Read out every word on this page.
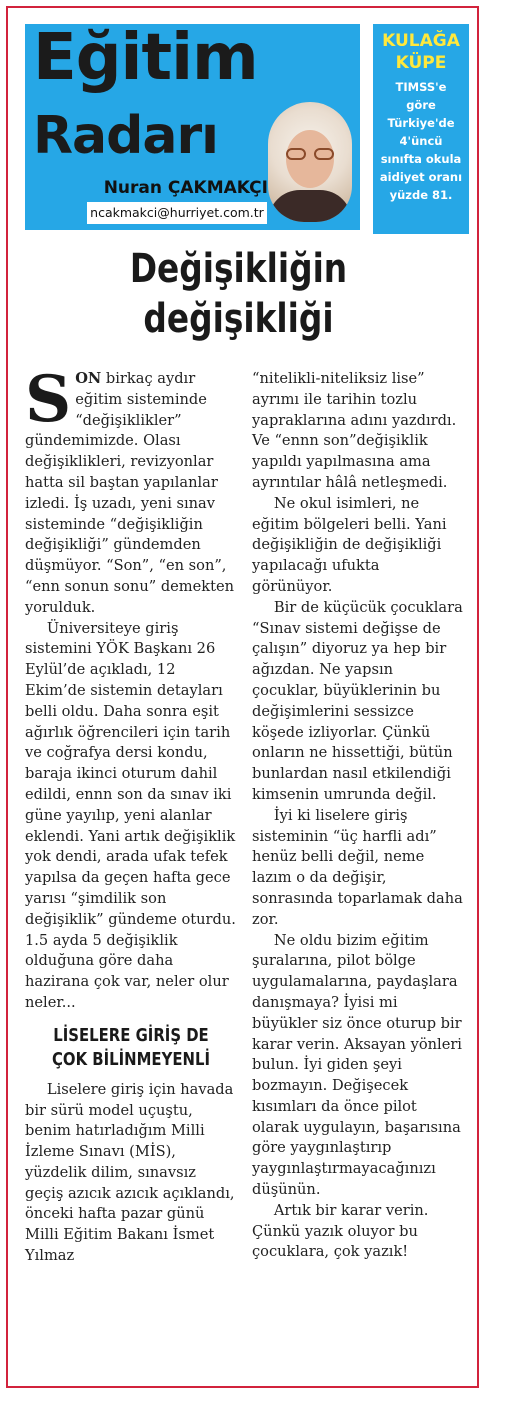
Eğitim
Radarı
Nuran ÇAKMAKÇI
ncakmakci@hurriyet.com.tr
KULAĞA
KÜPE
TIMSS'e
göre
Türkiye'de
4'üncü
sınıfta okula
aidiyet oranı
yüzde 81.
Değişikliğin
değişikliği

SON birkaç aydır eğitim sisteminde “değişiklikler” gündemimizde. Olası değişiklikleri, revizyonlar hatta sil baştan yapılanlar izledi. İş uzadı, yeni sınav sisteminde “değişikliğin değişikliği” gündemden düşmüyor. “Son”, “en son”, “enn sonun sonu” demekten yorulduk.

Üniversiteye giriş sistemini YÖK Başkanı 26 Eylül’de açıkladı, 12 Ekim’de sistemin detayları belli oldu. Daha sonra eşit ağırlık öğrencileri için tarih ve coğrafya dersi kondu, baraja ikinci oturum dahil edildi, ennn son da sınav iki güne yayılıp, yeni alanlar eklendi. Yani artık değişiklik yok dendi, arada ufak tefek yapılsa da geçen hafta gece yarısı “şimdilik son değişiklik” gündeme oturdu. 1.5 ayda 5 değişiklik olduğuna göre daha hazirana çok var, neler olur neler...

LİSELERE GİRİŞ DE
ÇOK BİLİNMEYENLİ

Liselere giriş için havada bir sürü model uçuştu, benim hatırladığım Milli İzleme Sınavı (MİS), yüzdelik dilim, sınavsız geçiş azıcık azıcık açıklandı, önceki hafta pazar günü Milli Eğitim Bakanı İsmet Yılmaz

“nitelikli-niteliksiz lise” ayrımı ile tarihin tozlu yapraklarına adını yazdırdı. Ve “ennn son”değişiklik yapıldı yapılmasına ama ayrıntılar hâlâ netleşmedi.

Ne okul isimleri, ne eğitim bölgeleri belli. Yani değişikliğin de değişikliği yapılacağı ufukta görünüyor.

Bir de küçücük çocuklara “Sınav sistemi değişse de çalışın” diyoruz ya hep bir ağızdan. Ne yapsın çocuklar, büyüklerinin bu değişimlerini sessizce köşede izliyorlar. Çünkü onların ne hissettiği, bütün bunlardan nasıl etkilendiği kimsenin umrunda değil.

İyi ki liselere giriş sisteminin “üç harfli adı” henüz belli değil, neme lazım o da değişir, sonrasında toparlamak daha zor.

Ne oldu bizim eğitim şuralarına, pilot bölge uygulamalarına, paydaşlara danışmaya? İyisi mi büyükler siz önce oturup bir karar verin. Aksayan yönleri bulun. İyi giden şeyi bozmayın. Değişecek kısımları da önce pilot olarak uygulayın, başarısına göre yaygınlaştırıp yaygınlaştırmayacağınızı düşünün.

Artık bir karar verin. Çünkü yazık oluyor bu çocuklara, çok yazık!
